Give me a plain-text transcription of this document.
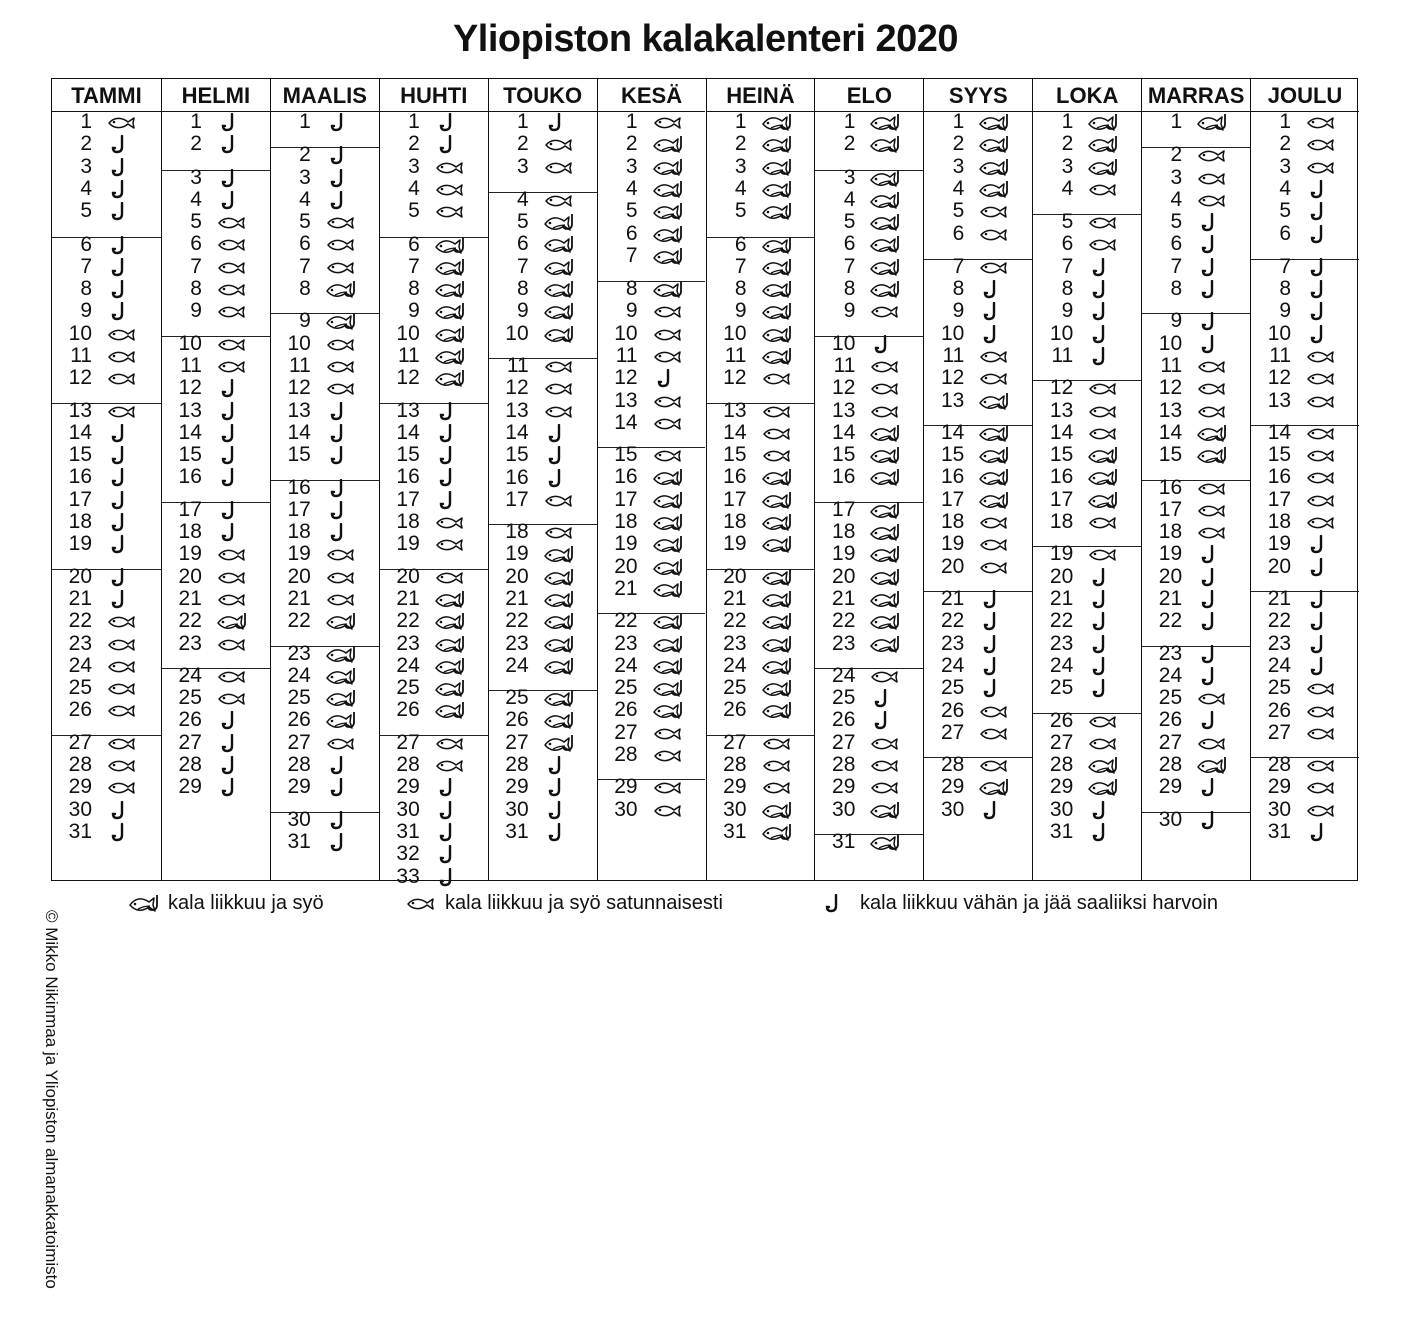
Yliopiston kalakalenteri 2020
© Mikko Nikinmaa ja Yliopiston almanakkatoimisto
TAMMI
1
2
3
4
5
6
7
8
9
10
11
12
13
14
15
16
17
18
19
20
21
22
23
24
25
26
27
28
29
30
31
HELMI
1
2
3
4
5
6
7
8
9
10
11
12
13
14
15
16
17
18
19
20
21
22
23
24
25
26
27
28
29
MAALIS
1
2
3
4
5
6
7
8
9
10
11
12
13
14
15
16
17
18
19
20
21
22
23
24
25
26
27
28
29
30
31
HUHTI
1
2
3
4
5
6
7
8
9
10
11
12
13
14
15
16
17
18
19
20
21
22
23
24
25
26
27
28
29
30
31
32
33
TOUKO
1
2
3
4
5
6
7
8
9
10
11
12
13
14
15
16
17
18
19
20
21
22
23
24
25
26
27
28
29
30
31
KESÄ
1
2
3
4
5
6
7
8
9
10
11
12
13
14
15
16
17
18
19
20
21
22
23
24
25
26
27
28
29
30
HEINÄ
1
2
3
4
5
6
7
8
9
10
11
12
13
14
15
16
17
18
19
20
21
22
23
24
25
26
27
28
29
30
31
ELO
1
2
3
4
5
6
7
8
9
10
11
12
13
14
15
16
17
18
19
20
21
22
23
24
25
26
27
28
29
30
31
SYYS
1
2
3
4
5
6
7
8
9
10
11
12
13
14
15
16
17
18
19
20
21
22
23
24
25
26
27
28
29
30
LOKA
1
2
3
4
5
6
7
8
9
10
11
12
13
14
15
16
17
18
19
20
21
22
23
24
25
26
27
28
29
30
31
MARRAS
1
2
3
4
5
6
7
8
9
10
11
12
13
14
15
16
17
18
19
20
21
22
23
24
25
26
27
28
29
30
JOULU
1
2
3
4
5
6
7
8
9
10
11
12
13
14
15
16
17
18
19
20
21
22
23
24
25
26
27
28
29
30
31
kala liikkuu ja syö	kala liikkuu ja syö satunnaisesti	kala liikkuu vähän ja jää saaliiksi harvoin
